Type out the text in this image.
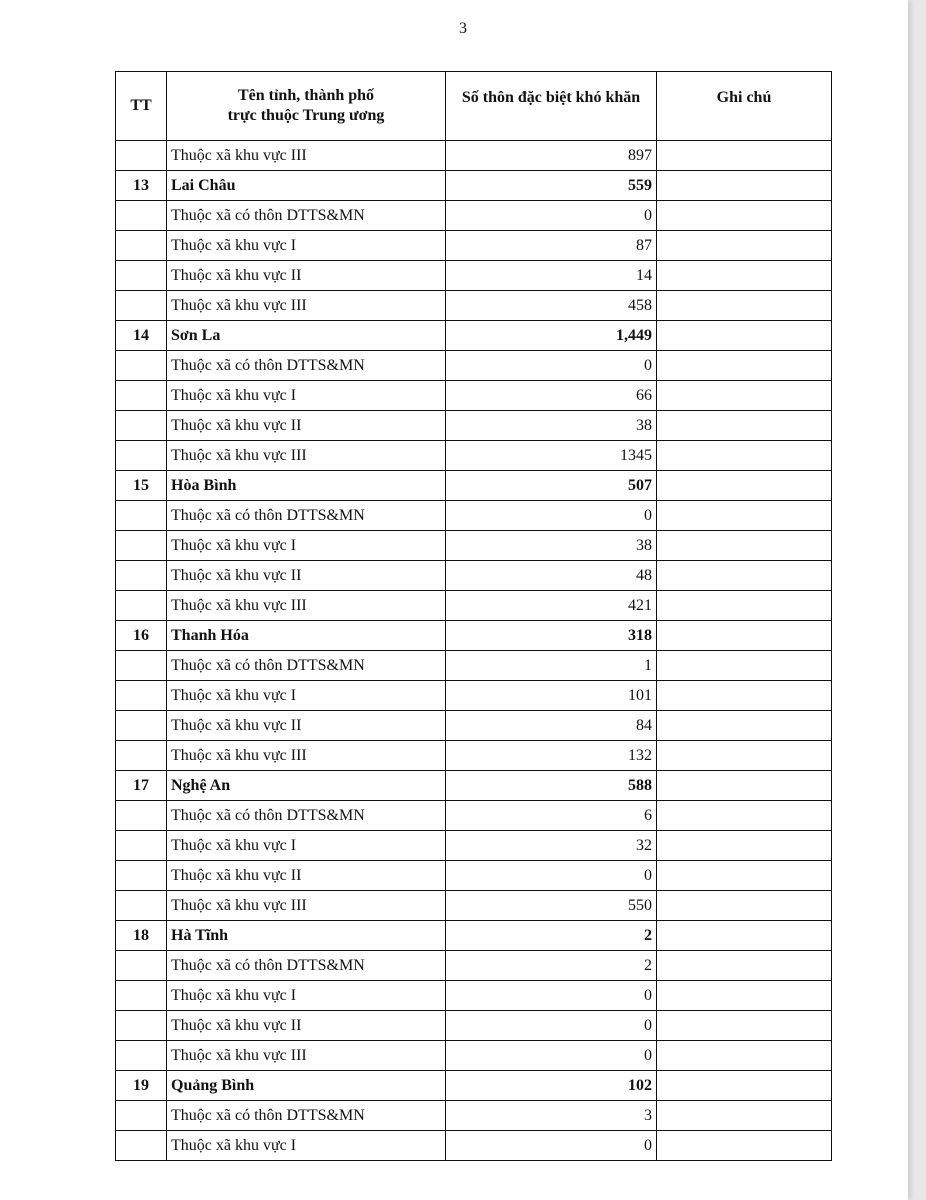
3
TT	Tên tỉnh, thành phố
trực thuộc Trung ương	Số thôn đặc biệt khó khăn	Ghi chú
	Thuộc xã khu vực III	897	
13	Lai Châu	559	
	Thuộc xã có thôn DTTS&MN	0	
	Thuộc xã khu vực I	87	
	Thuộc xã khu vực II	14	
	Thuộc xã khu vực III	458	
14	Sơn La	1,449	
	Thuộc xã có thôn DTTS&MN	0	
	Thuộc xã khu vực I	66	
	Thuộc xã khu vực II	38	
	Thuộc xã khu vực III	1345	
15	Hòa Bình	507	
	Thuộc xã có thôn DTTS&MN	0	
	Thuộc xã khu vực I	38	
	Thuộc xã khu vực II	48	
	Thuộc xã khu vực III	421	
16	Thanh Hóa	318	
	Thuộc xã có thôn DTTS&MN	1	
	Thuộc xã khu vực I	101	
	Thuộc xã khu vực II	84	
	Thuộc xã khu vực III	132	
17	Nghệ An	588	
	Thuộc xã có thôn DTTS&MN	6	
	Thuộc xã khu vực I	32	
	Thuộc xã khu vực II	0	
	Thuộc xã khu vực III	550	
18	Hà Tĩnh	2	
	Thuộc xã có thôn DTTS&MN	2	
	Thuộc xã khu vực I	0	
	Thuộc xã khu vực II	0	
	Thuộc xã khu vực III	0	
19	Quảng Bình	102	
	Thuộc xã có thôn DTTS&MN	3	
	Thuộc xã khu vực I	0	
